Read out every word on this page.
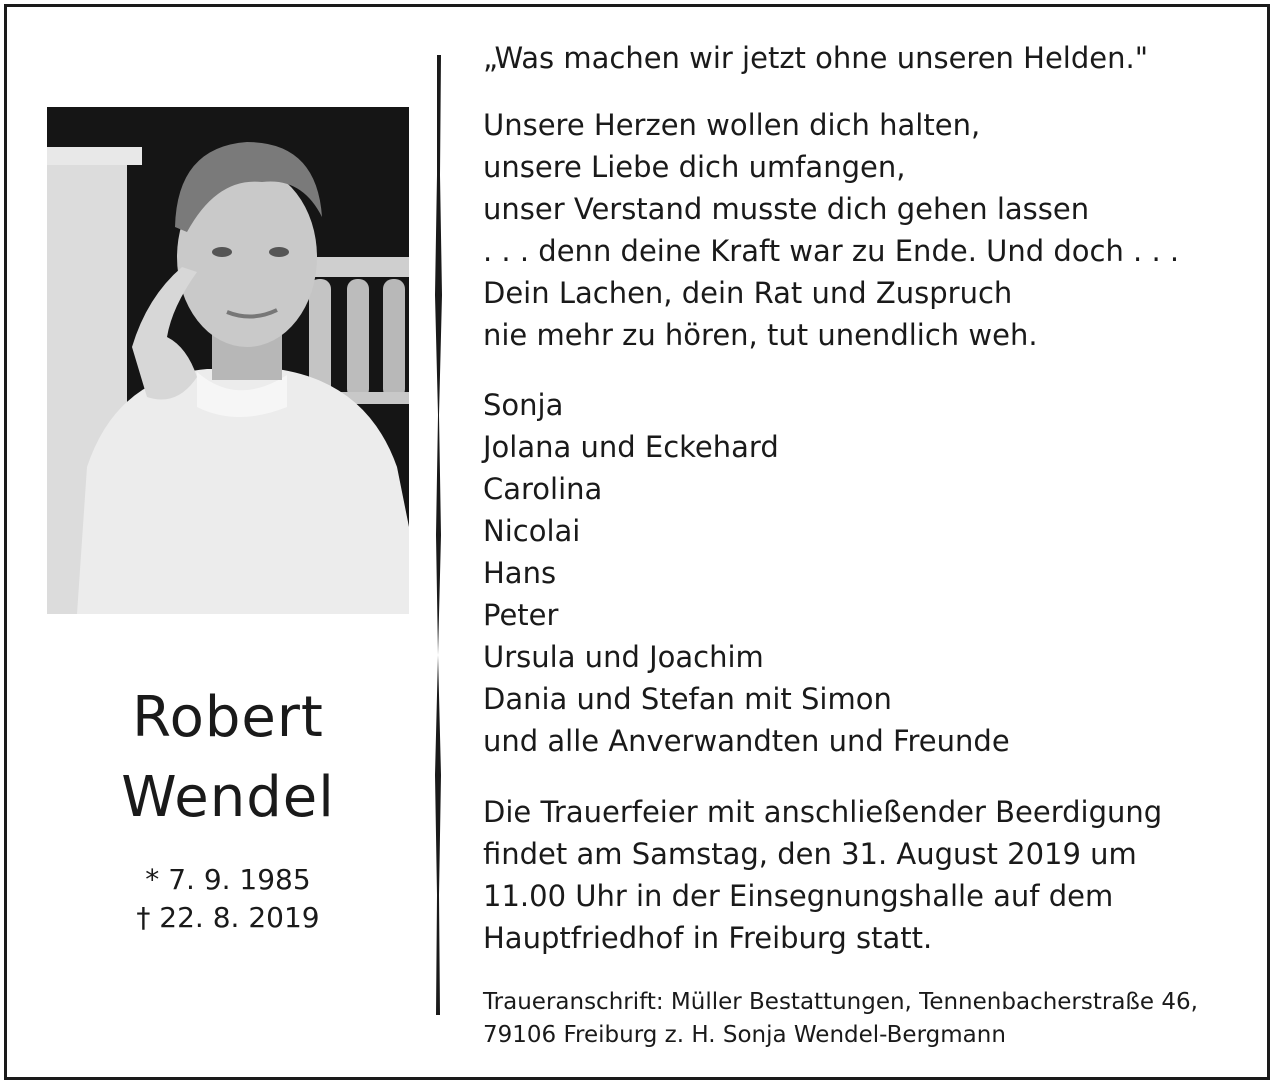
Robert
Wendel
* 7. 9. 1985
† 22. 8. 2019
„Was machen wir jetzt ohne unseren Helden."
Unsere Herzen wollen dich halten,
unsere Liebe dich umfangen,
unser Verstand musste dich gehen lassen
. . . denn deine Kraft war zu Ende. Und doch . . .
Dein Lachen, dein Rat und Zuspruch
nie mehr zu hören, tut unendlich weh.
Sonja
Jolana und Eckehard
Carolina
Nicolai
Hans
Peter
Ursula und Joachim
Dania und Stefan mit Simon
und alle Anverwandten und Freunde
Die Trauerfeier mit anschließender Beerdigung
findet am Samstag, den 31. August 2019 um
11.00 Uhr in der Einsegnungshalle auf dem
Hauptfriedhof in Freiburg statt.
Traueranschrift: Müller Bestattungen, Tennenbacherstraße 46,
79106 Freiburg z. H. Sonja Wendel-Bergmann
